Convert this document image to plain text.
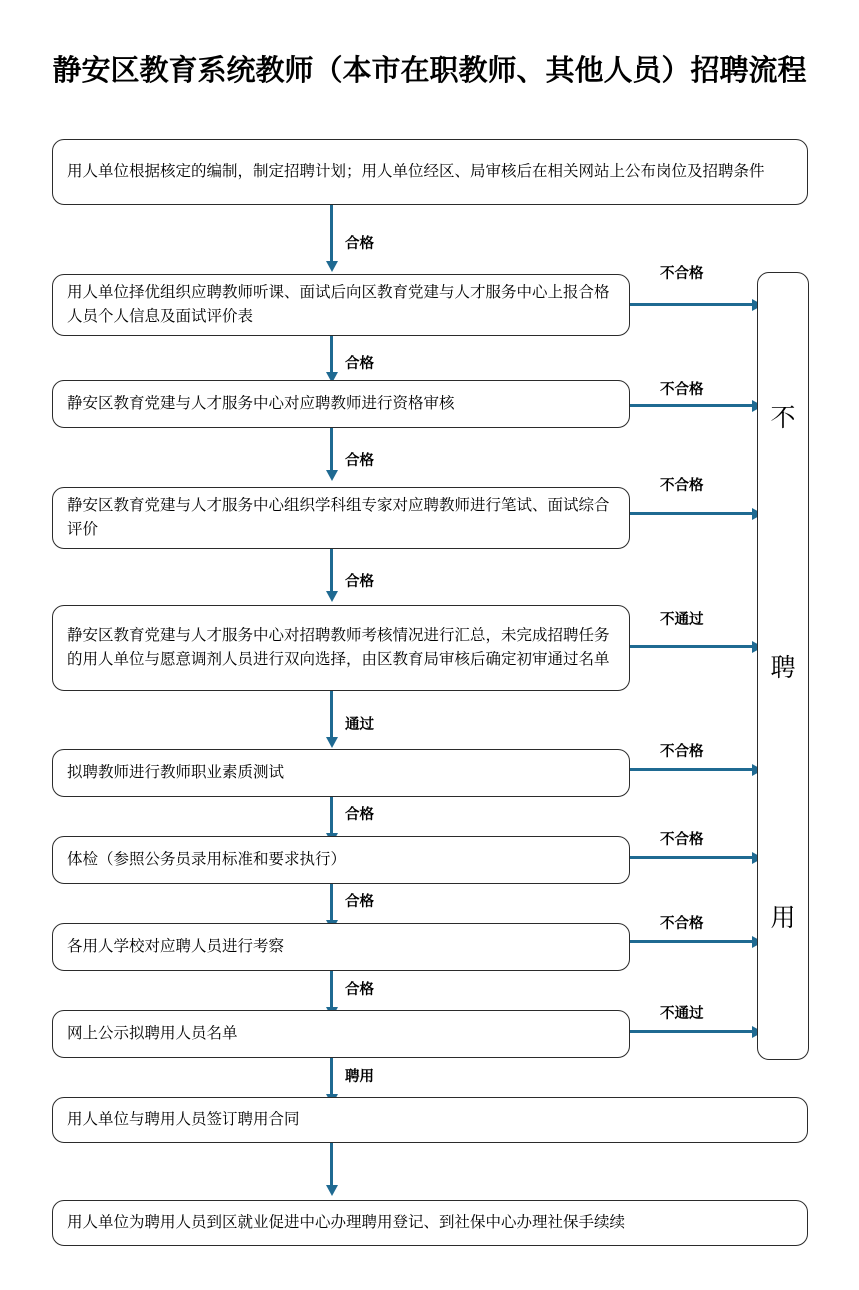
静安区教育系统教师（本市在职教师、其他人员）招聘流程
用人单位根据核定的编制，制定招聘计划；用人单位经区、局审核后在相关网站上公布岗位及招聘条件
合格
用人单位择优组织应聘教师听课、面试后向区教育党建与人才服务中心上报合格人员个人信息及面试评价表
合格
不合格
静安区教育党建与人才服务中心对应聘教师进行资格审核
合格
不合格
静安区教育党建与人才服务中心组织学科组专家对应聘教师进行笔试、面试综合评价
合格
不合格
静安区教育党建与人才服务中心对招聘教师考核情况进行汇总，未完成招聘任务的用人单位与愿意调剂人员进行双向选择，由区教育局审核后确定初审通过名单
通过
不通过
拟聘教师进行教师职业素质测试
合格
不合格
体检（参照公务员录用标准和要求执行）
合格
不合格
各用人学校对应聘人员进行考察
合格
不合格
网上公示拟聘用人员名单
聘用
不通过
用人单位与聘用人员签订聘用合同
用人单位为聘用人员到区就业促进中心办理聘用登记、到社保中心办理社保手续续
不
聘
用
